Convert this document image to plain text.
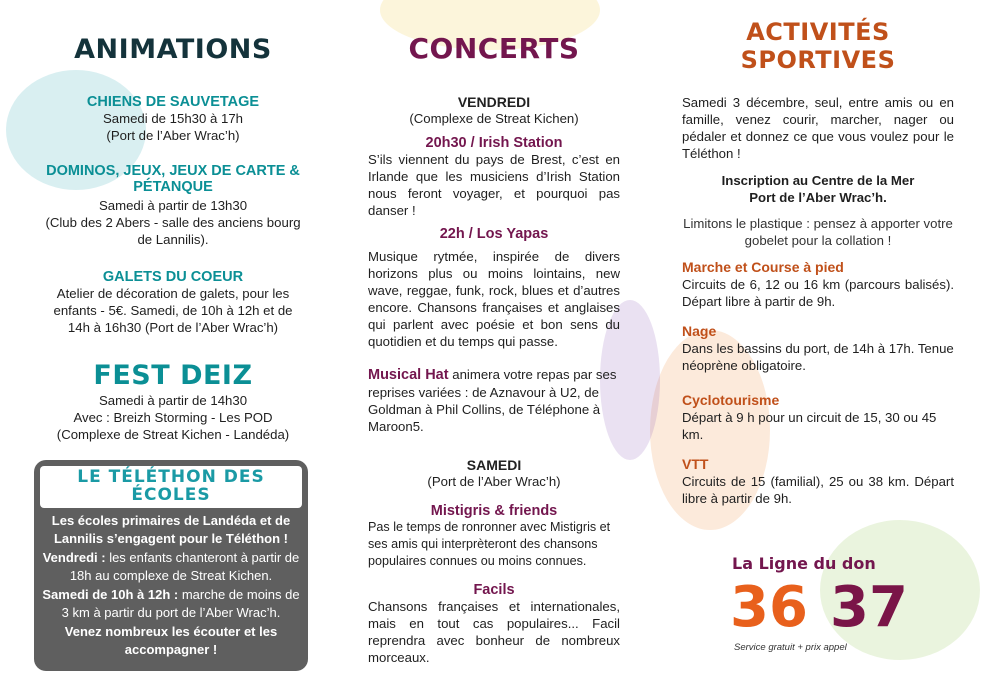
ANIMATIONS
CHIENS DE SAUVETAGE
Samedi de 15h30 à 17h
(Port de l’Aber Wrac’h)
DOMINOS, JEUX, JEUX DE CARTE &
PÉTANQUE
Samedi à partir de 13h30
(Club des 2 Abers - salle des anciens bourg
de Lannilis).
GALETS DU COEUR
Atelier de décoration de galets, pour les
enfants - 5€. Samedi, de 10h à 12h et de
14h à 16h30 (Port de l’Aber Wrac’h)
FEST DEIZ
Samedi à partir de 14h30
Avec : Breizh Storming - Les POD
(Complexe de Streat Kichen - Landéda)
LE TÉLÉTHON DES
ÉCOLES
Les écoles primaires de Landéda et de Lannilis s’engagent pour le Téléthon !
Vendredi : les enfants chanteront à partir de 18h au complexe de Streat Kichen.
Samedi de 10h à 12h : marche de moins de 3 km à partir du port de l’Aber Wrac’h.
Venez nombreux les écouter et les accompagner !
CONCERTS
VENDREDI
(Complexe de Streat Kichen)
20h30 / Irish Station
S’ils viennent du pays de Brest, c’est en Irlande que les musiciens d’Irish Station nous feront voyager, et pourquoi pas danser !
22h / Los Yapas
Musique rytmée, inspirée de divers horizons plus ou moins lointains, new wave, reggae, funk, rock, blues et d’autres encore. Chansons françaises et anglaises qui parlent avec poésie et bon sens du quotidien et du temps qui passe.
Musical Hat animera votre repas par ses reprises variées : de Aznavour à U2, de Goldman à Phil Collins, de Téléphone à Maroon5.
SAMEDI
(Port de l’Aber Wrac’h)
Mistigris & friends
Pas le temps de ronronner avec Mistigris et ses amis qui interprèteront des chansons populaires connues ou moins connues.
Facils
Chansons françaises et internationales, mais en tout cas populaires... Facil reprendra avec bonheur de nombreux morceaux.
ACTIVITÉS
SPORTIVES
Samedi 3 décembre, seul, entre amis ou en famille, venez courir, marcher, nager ou pédaler et donnez ce que vous voulez pour le Téléthon !
Inscription au Centre de la Mer
Port de l’Aber Wrac’h.
Limitons le plastique : pensez à apporter votre gobelet pour la collation !
Marche et Course à pied
Circuits de 6, 12 ou 16 km (parcours balisés). Départ libre à partir de 9h.
Nage
Dans les bassins du port, de 14h à 17h. Tenue néoprène obligatoire.
Cyclotourisme
Départ à 9 h pour un circuit de 15, 30 ou 45 km.
VTT
Circuits de 15 (familial), 25 ou 38 km. Départ libre à partir de 9h.
La Ligne du don
36 37
Service gratuit + prix appel
